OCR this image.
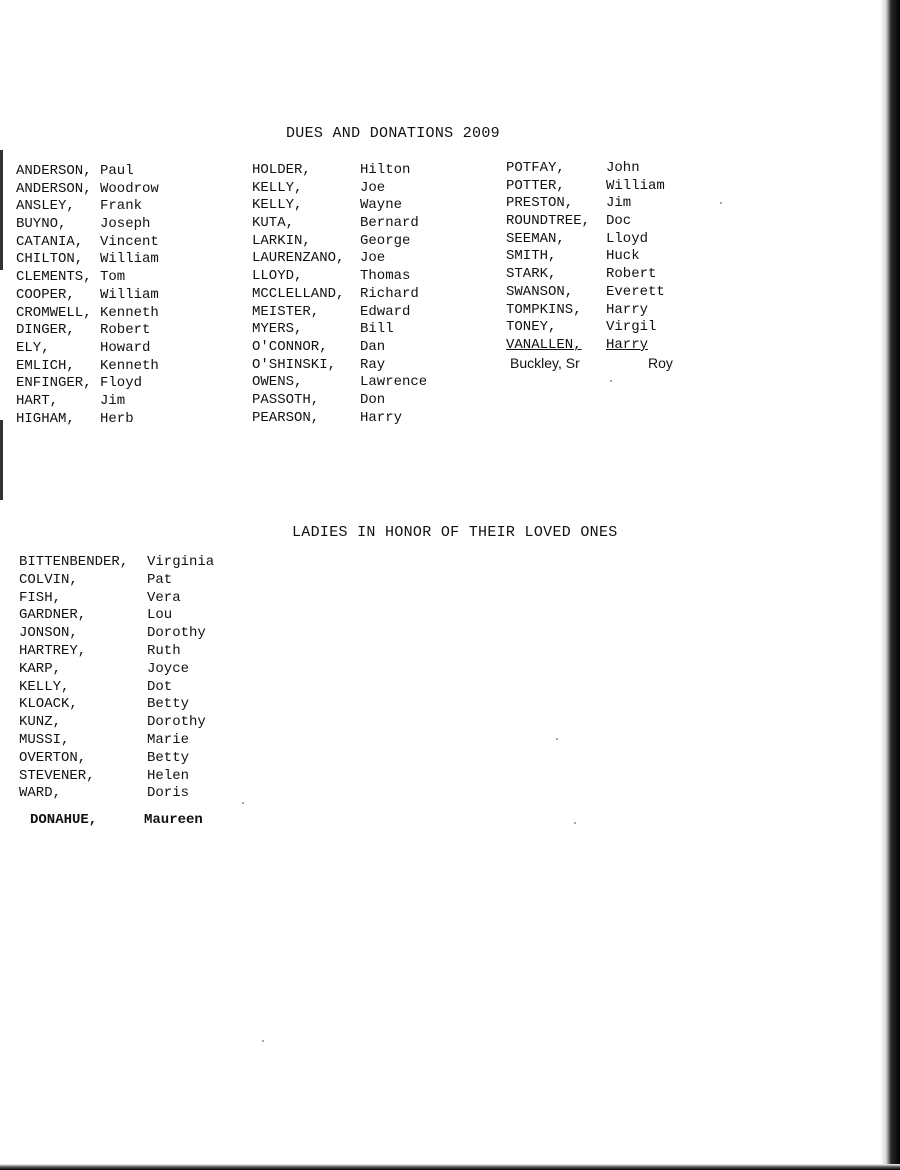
DUES AND DONATIONS 2009
ANDERSON, Paul
ANDERSON, Woodrow
ANSLEY, Frank
BUYNO, Joseph
CATANIA, Vincent
CHILTON, William
CLEMENTS, Tom
COOPER, William
CROMWELL, Kenneth
DINGER, Robert
ELY,	Howard
EMLICH, Kenneth
ENFINGER, Floyd
HART,	Jim
HIGHAM, Herb
HOLDER,	Hilton
KELLY,	Joe
KELLY,	Wayne
KUTA,	Bernard
LARKIN,	George
LAURENZANO, Joe
LLOYD,	Thomas
MCCLELLAND, Richard
MEISTER,	Edward
MYERS,	Bill
O'CONNOR, Dan
O'SHINSKI, Ray
OWENS,	Lawrence
PASSOTH,	Don
PEARSON,	Harry
POTFAY,	John
POTTER,	William
PRESTON, Jim
ROUNDTREE, Doc
SEEMAN,	Lloyd
SMITH,	Huck
STARK,	Robert
SWANSON, Everett
TOMPKINS, Harry
TONEY,	Virgil
VANALLEN, Harry
Buckley, Sr	Roy
LADIES IN HONOR OF THEIR LOVED ONES
BITTENBENDER, Virginia
COLVIN,	Pat
FISH,	Vera
GARDNER,	Lou
JONSON,	Dorothy
HARTREY,	Ruth
KARP,	Joyce
KELLY,	Dot
KLOACK,	Betty
KUNZ,	Dorothy
MUSSI,	Marie
OVERTON,	Betty
STEVENER,	Helen
WARD,	Doris
DONAHUE,	Maureen
